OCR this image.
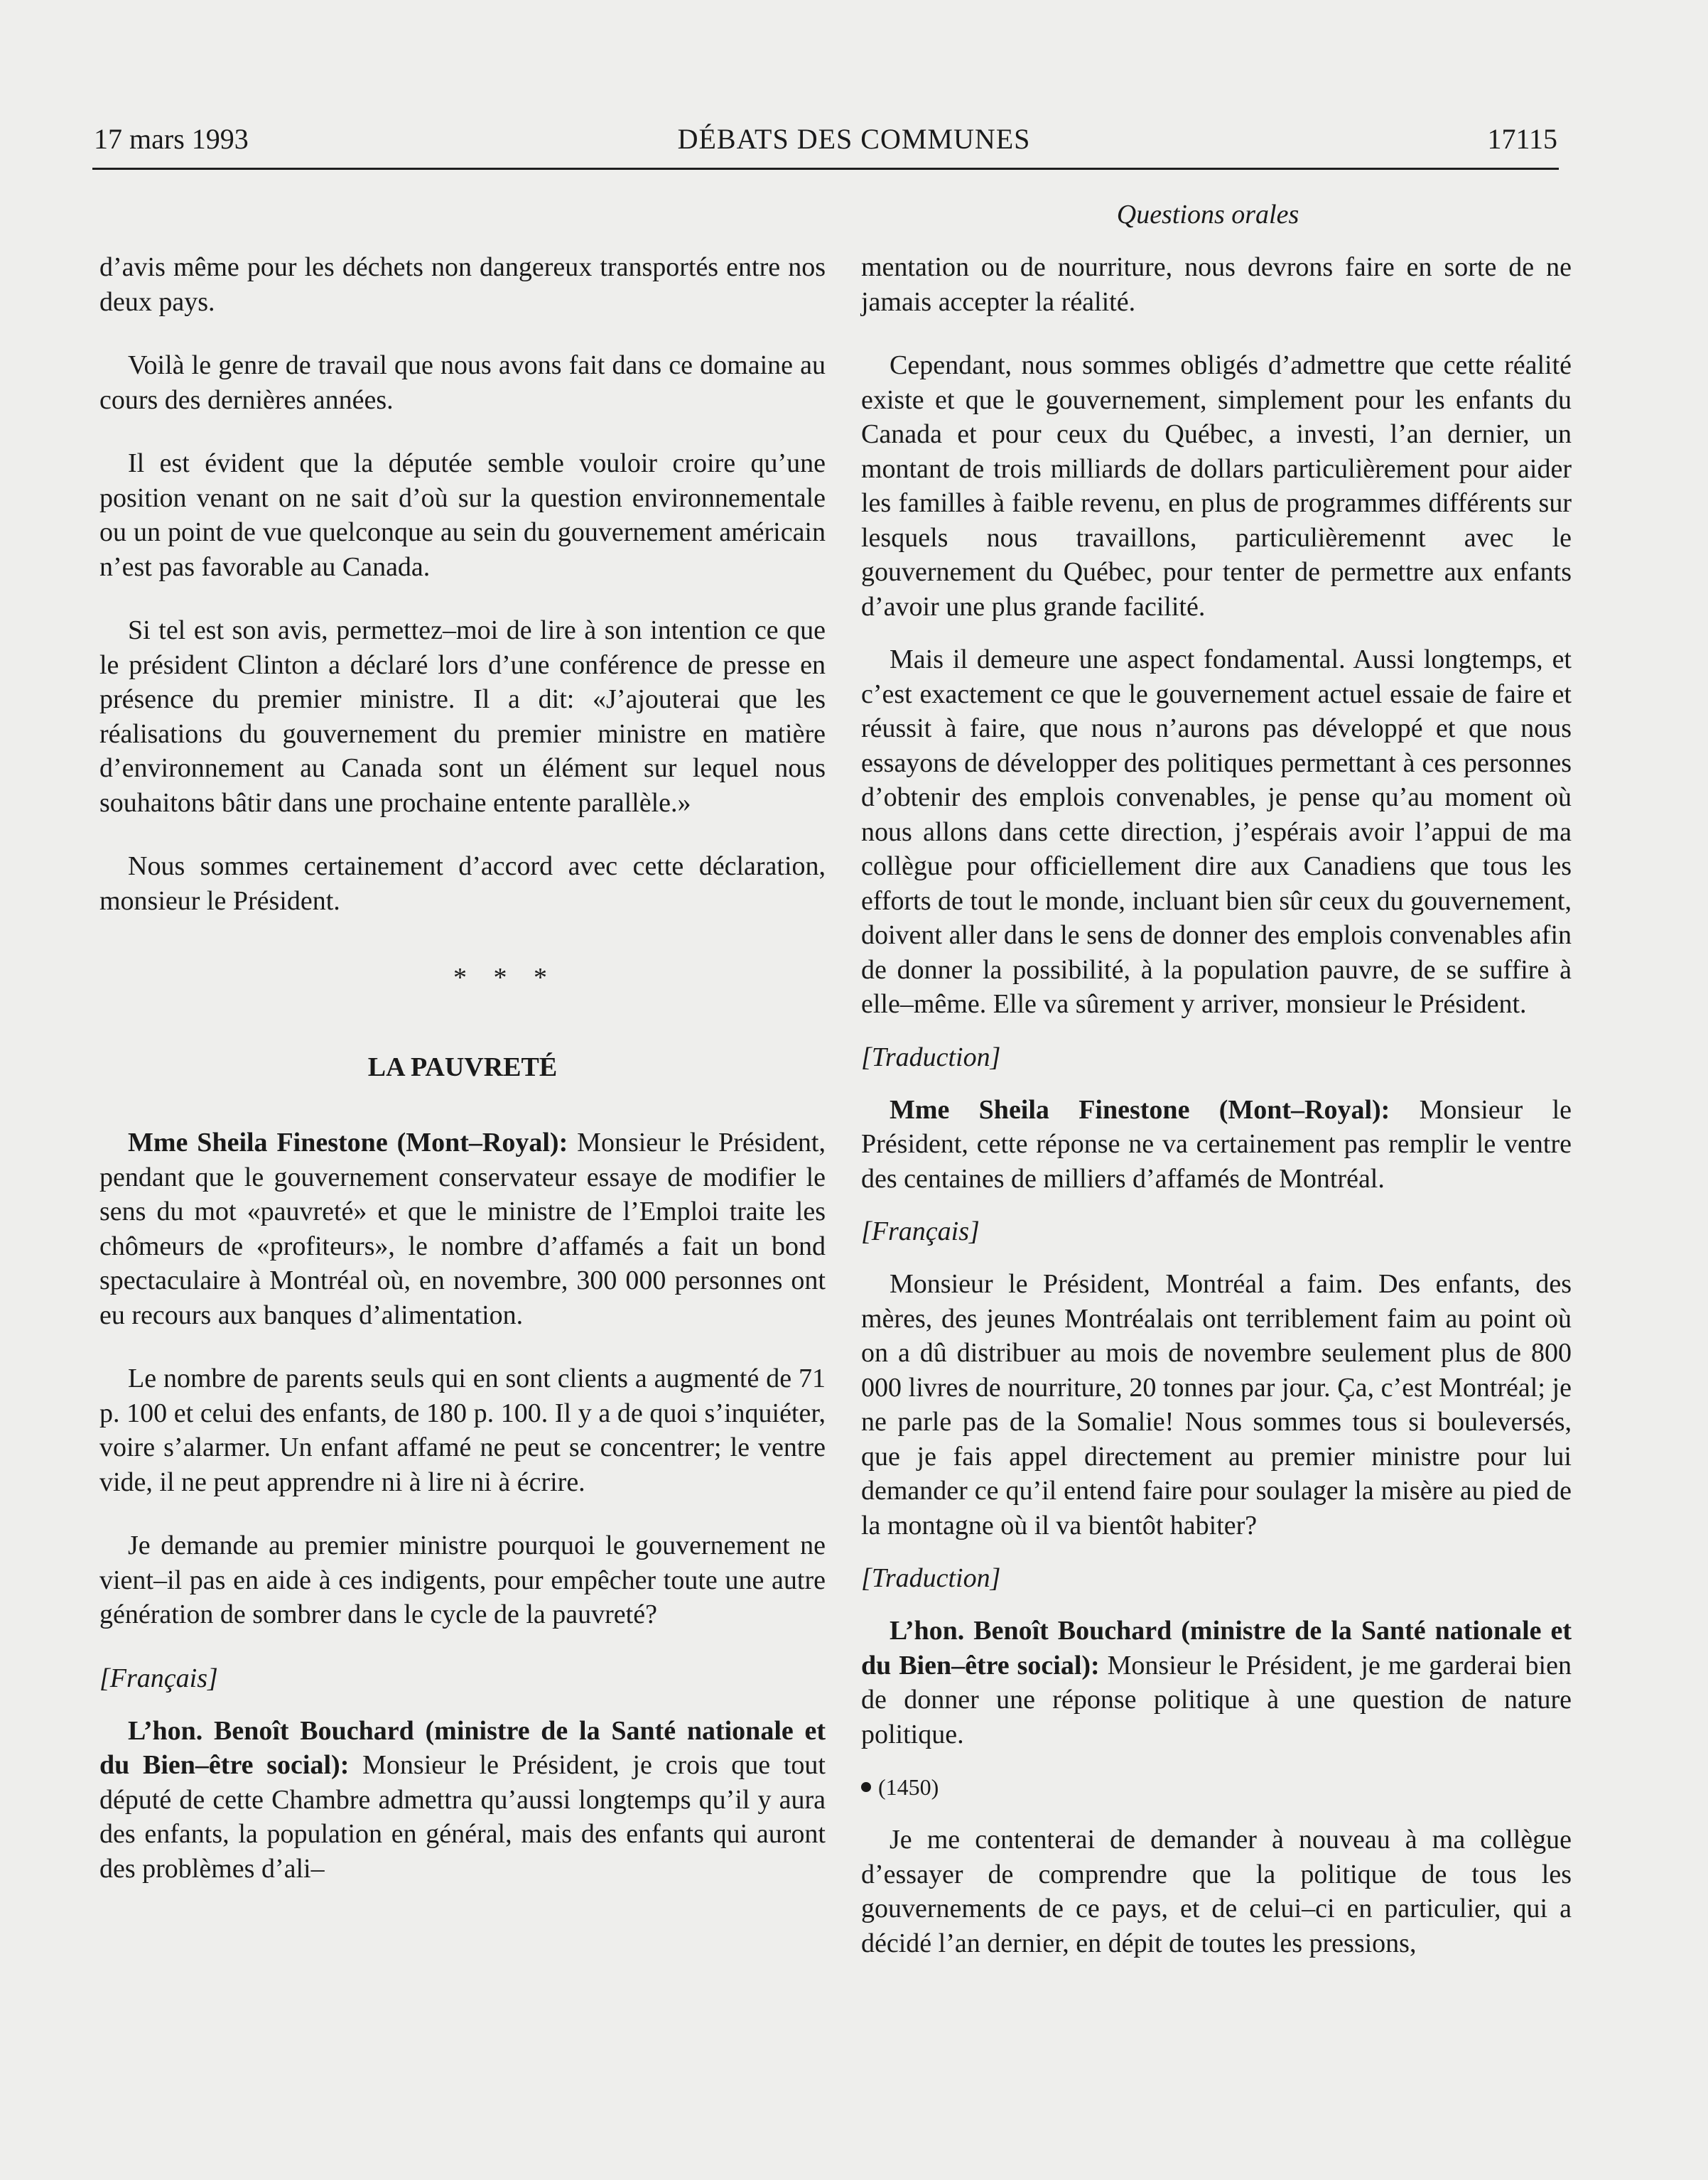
17 mars 1993	DÉBATS DES COMMUNES	17115
Questions orales

d’avis même pour les déchets non dangereux transportés entre nos deux pays.

Voilà le genre de travail que nous avons fait dans ce domaine au cours des dernières années.

Il est évident que la députée semble vouloir croire qu’une position venant on ne sait d’où sur la question environnementale ou un point de vue quelconque au sein du gouvernement américain n’est pas favorable au Canada.

Si tel est son avis, permettez–moi de lire à son intention ce que le président Clinton a déclaré lors d’une conférence de presse en présence du premier ministre. Il a dit: «J’ajouterai que les réalisations du gouvernement du premier ministre en matière d’environnement au Canada sont un élément sur lequel nous souhaitons bâtir dans une prochaine entente parallèle.»

Nous sommes certainement d’accord avec cette déclaration, monsieur le Président.

* * *
LA PAUVRETÉ

Mme Sheila Finestone (Mont–Royal): Monsieur le Président, pendant que le gouvernement conservateur essaye de modifier le sens du mot «pauvreté» et que le ministre de l’Emploi traite les chômeurs de «profiteurs», le nombre d’affamés a fait un bond spectaculaire à Montréal où, en novembre, 300 000 personnes ont eu recours aux banques d’alimentation.

Le nombre de parents seuls qui en sont clients a augmenté de 71 p. 100 et celui des enfants, de 180 p. 100. Il y a de quoi s’inquiéter, voire s’alarmer. Un enfant affamé ne peut se concentrer; le ventre vide, il ne peut apprendre ni à lire ni à écrire.

Je demande au premier ministre pourquoi le gouvernement ne vient–il pas en aide à ces indigents, pour empêcher toute une autre génération de sombrer dans le cycle de la pauvreté?

[Français]

L’hon. Benoît Bouchard (ministre de la Santé nationale et du Bien–être social): Monsieur le Président, je crois que tout député de cette Chambre admettra qu’aussi longtemps qu’il y aura des enfants, la population en général, mais des enfants qui auront des problèmes d’ali–

mentation ou de nourriture, nous devrons faire en sorte de ne jamais accepter la réalité.

Cependant, nous sommes obligés d’admettre que cette réalité existe et que le gouvernement, simplement pour les enfants du Canada et pour ceux du Québec, a investi, l’an dernier, un montant de trois milliards de dollars particulièrement pour aider les familles à faible revenu, en plus de programmes différents sur lesquels nous travaillons, particulièremennt avec le gouvernement du Québec, pour tenter de permettre aux enfants d’avoir une plus grande facilité.

Mais il demeure une aspect fondamental. Aussi longtemps, et c’est exactement ce que le gouvernement actuel essaie de faire et réussit à faire, que nous n’aurons pas développé et que nous essayons de développer des politiques permettant à ces personnes d’obtenir des emplois convenables, je pense qu’au moment où nous allons dans cette direction, j’espérais avoir l’appui de ma collègue pour officiellement dire aux Canadiens que tous les efforts de tout le monde, incluant bien sûr ceux du gouvernement, doivent aller dans le sens de donner des emplois convenables afin de donner la possibilité, à la population pauvre, de se suffire à elle–même. Elle va sûrement y arriver, monsieur le Président.

[Traduction]

Mme Sheila Finestone (Mont–Royal): Monsieur le Président, cette réponse ne va certainement pas remplir le ventre des centaines de milliers d’affamés de Montréal.

[Français]

Monsieur le Président, Montréal a faim. Des enfants, des mères, des jeunes Montréalais ont terriblement faim au point où on a dû distribuer au mois de novembre seulement plus de 800 000 livres de nourriture, 20 tonnes par jour. Ça, c’est Montréal; je ne parle pas de la Somalie! Nous sommes tous si bouleversés, que je fais appel directement au premier ministre pour lui demander ce qu’il entend faire pour soulager la misère au pied de la montagne où il va bientôt habiter?

[Traduction]

L’hon. Benoît Bouchard (ministre de la Santé nationale et du Bien–être social): Monsieur le Président, je me garderai bien de donner une réponse politique à une question de nature politique.

(1450)

Je me contenterai de demander à nouveau à ma collègue d’essayer de comprendre que la politique de tous les gouvernements de ce pays, et de celui–ci en particulier, qui a décidé l’an dernier, en dépit de toutes les pressions,
